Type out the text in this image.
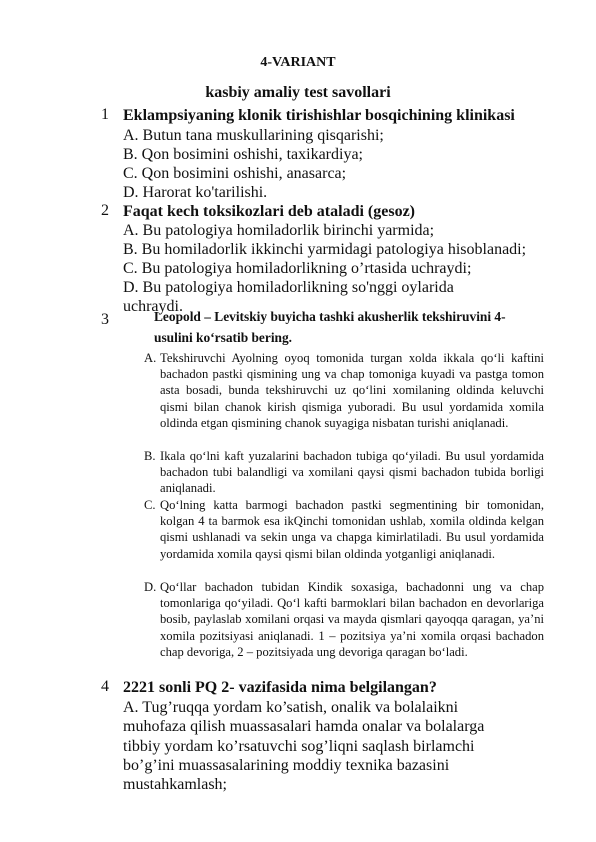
4-VARIANT
kasbiy amaliy test savollari
1 Eklampsiyaning klonik tirishishlar bosqichining klinikasi
A. Butun tana muskullarining qisqarishi;
B. Qon bosimini oshishi, taxikardiya;
C. Qon bosimini oshishi, anasarca;
D. Harorat ko'tarilishi.
2 Faqat kech toksikozlari deb ataladi (gesoz)
A. Bu patologiya homiladorlik birinchi yarmida;
B. Bu homiladorlik ikkinchi yarmidagi patologiya hisoblanadi;
C. Bu patologiya homiladorlikning o’rtasida uchraydi;
D. Bu patologiya homiladorlikning so'nggi oylarida
uchraydi.
3	Leopold – Levitskiy buyicha tashki akusherlik tekshiruvini 4-usulini koʻrsatib bering.
A. Tekshiruvchi Ayolning oyoq tomonida turgan xolda ikkala qoʻli kaftini bachadon pastki qismining ung va chap tomoniga kuyadi va pastga tomon asta bosadi, bunda tekshiruvchi uz qoʻlini xomilaning oldinda keluvchi qismi bilan chanok kirish qismiga yuboradi. Bu usul yordamida xomila oldinda etgan qismining chanok suyagiga nisbatan turishi aniqlanadi.
B. Ikala qoʻlni kaft yuzalarini bachadon tubiga qoʻyiladi. Bu usul yordamida bachadon tubi balandligi va xomilani qaysi qismi bachadon tubida borligi aniqlanadi.
C. Qoʻlning katta barmogi bachadon pastki segmentining bir tomonidan, kolgan 4 ta barmok esa ikQinchi tomonidan ushlab, xomila oldinda kelgan qismi ushlanadi va sekin unga va chapga kimirlatiladi. Bu usul yordamida yordamida xomila qaysi qismi bilan oldinda yotganligi aniqlanadi.
D. Qoʻllar bachadon tubidan Kindik soxasiga, bachadonni ung va chap tomonlariga qoʻyiladi. Qoʻl kafti barmoklari bilan bachadon en devorlariga bosib, paylaslab xomilani orqasi va mayda qismlari qayoqqa qaragan, yaʼni xomila pozitsiyasi aniqlanadi. 1 – pozitsiya yaʼni xomila orqasi bachadon chap devoriga, 2 – pozitsiyada ung devoriga qaragan boʻladi.
4 2221 sonli PQ 2- vazifasida nima belgilangan?
A. Tug’ruqqa yordam ko’satish, onalik va bolalaikni muhofaza qilish muassasalari hamda onalar va bolalarga tibbiy yordam ko’rsatuvchi sog’liqni saqlash birlamchi bo’g’ini muassasalarining moddiy texnika bazasini mustahkamlash;
